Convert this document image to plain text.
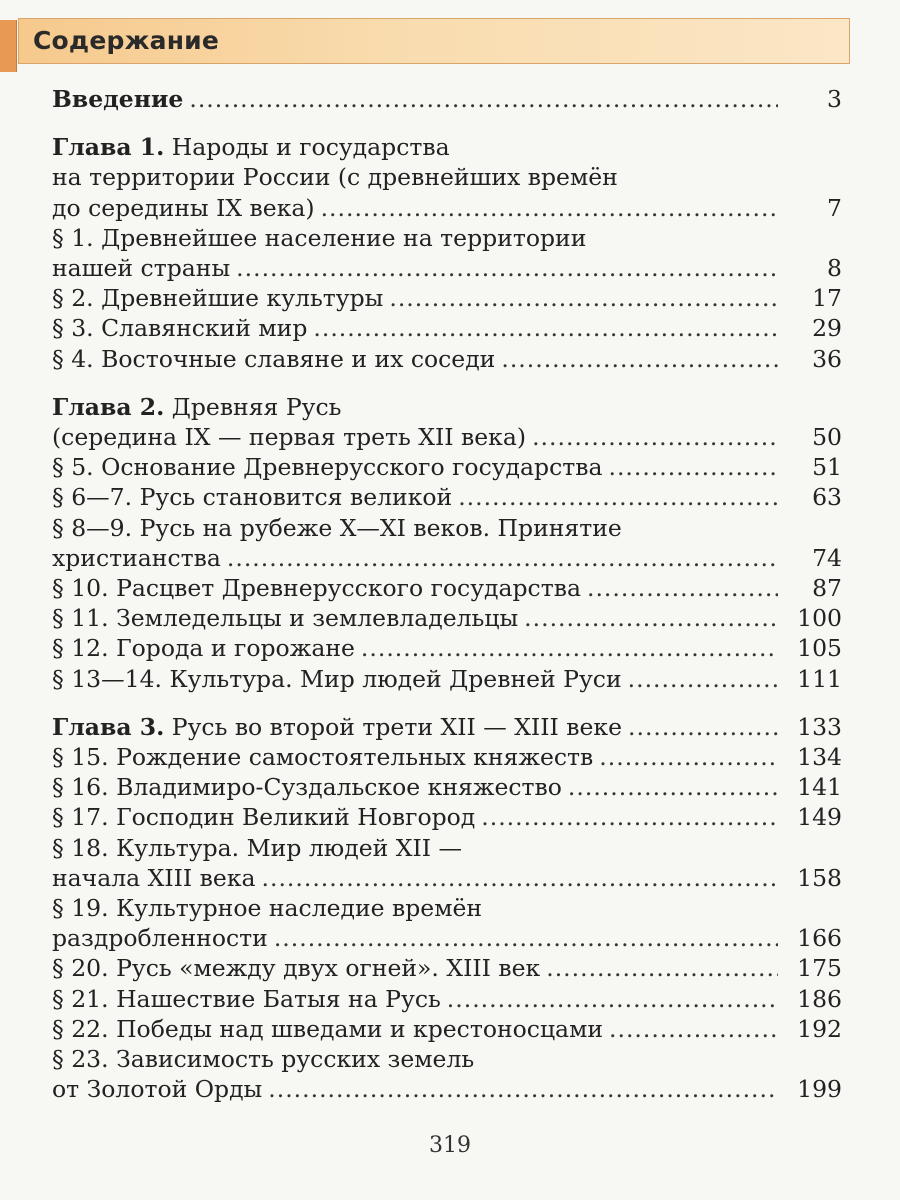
Содержание
Введение .....	3
Глава 1. Народы и государства
на территории России (с древнейших времён
до середины IX века) .....	7
§ 1. Древнейшее население на территории
нашей страны .....	8
§ 2. Древнейшие культуры .....	17
§ 3. Славянский мир .....	29
§ 4. Восточные славяне и их соседи .....	36
Глава 2. Древняя Русь
(середина IX — первая треть XII века) .....	50
§ 5. Основание Древнерусского государства .....	51
§ 6—7. Русь становится великой .....	63
§ 8—9. Русь на рубеже X—XI веков. Принятие
христианства .....	74
§ 10. Расцвет Древнерусского государства .....	87
§ 11. Земледельцы и землевладельцы .....	100
§ 12. Города и горожане .....	105
§ 13—14. Культура. Мир людей Древней Руси .....	111
Глава 3. Русь во второй трети XII — XIII веке .....	133
§ 15. Рождение самостоятельных княжеств .....	134
§ 16. Владимиро-Суздальское княжество .....	141
§ 17. Господин Великий Новгород .....	149
§ 18. Культура. Мир людей XII —
начала XIII века .....	158
§ 19. Культурное наследие времён
раздробленности .....	166
§ 20. Русь «между двух огней». XIII век .....	175
§ 21. Нашествие Батыя на Русь .....	186
§ 22. Победы над шведами и крестоносцами .....	192
§ 23. Зависимость русских земель
от Золотой Орды .....	199
319
